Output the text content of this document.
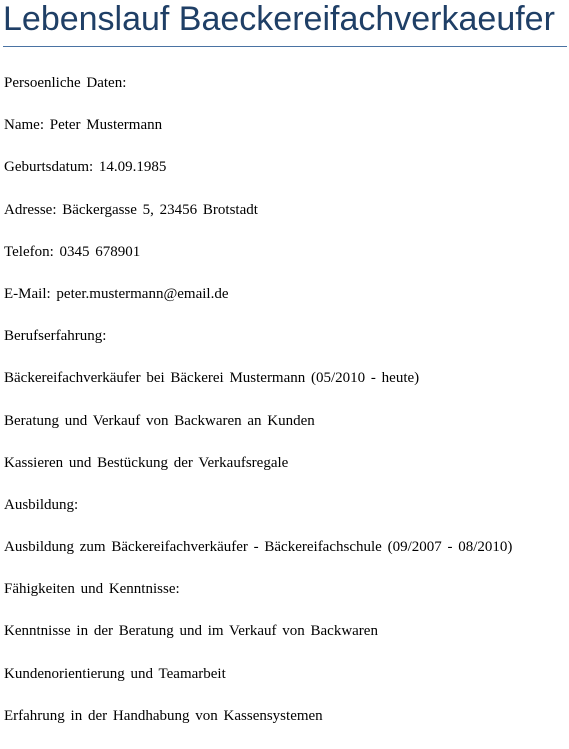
Lebenslauf Baeckereifachverkaeufer
Persoenliche Daten:
Name: Peter Mustermann
Geburtsdatum: 14.09.1985
Adresse: Bäckergasse 5, 23456 Brotstadt
Telefon: 0345 678901
E-Mail: peter.mustermann@email.de
Berufserfahrung:
Bäckereifachverkäufer bei Bäckerei Mustermann (05/2010 - heute)
Beratung und Verkauf von Backwaren an Kunden
Kassieren und Bestückung der Verkaufsregale
Ausbildung:
Ausbildung zum Bäckereifachverkäufer - Bäckereifachschule (09/2007 - 08/2010)
Fähigkeiten und Kenntnisse:
Kenntnisse in der Beratung und im Verkauf von Backwaren
Kundenorientierung und Teamarbeit
Erfahrung in der Handhabung von Kassensystemen
